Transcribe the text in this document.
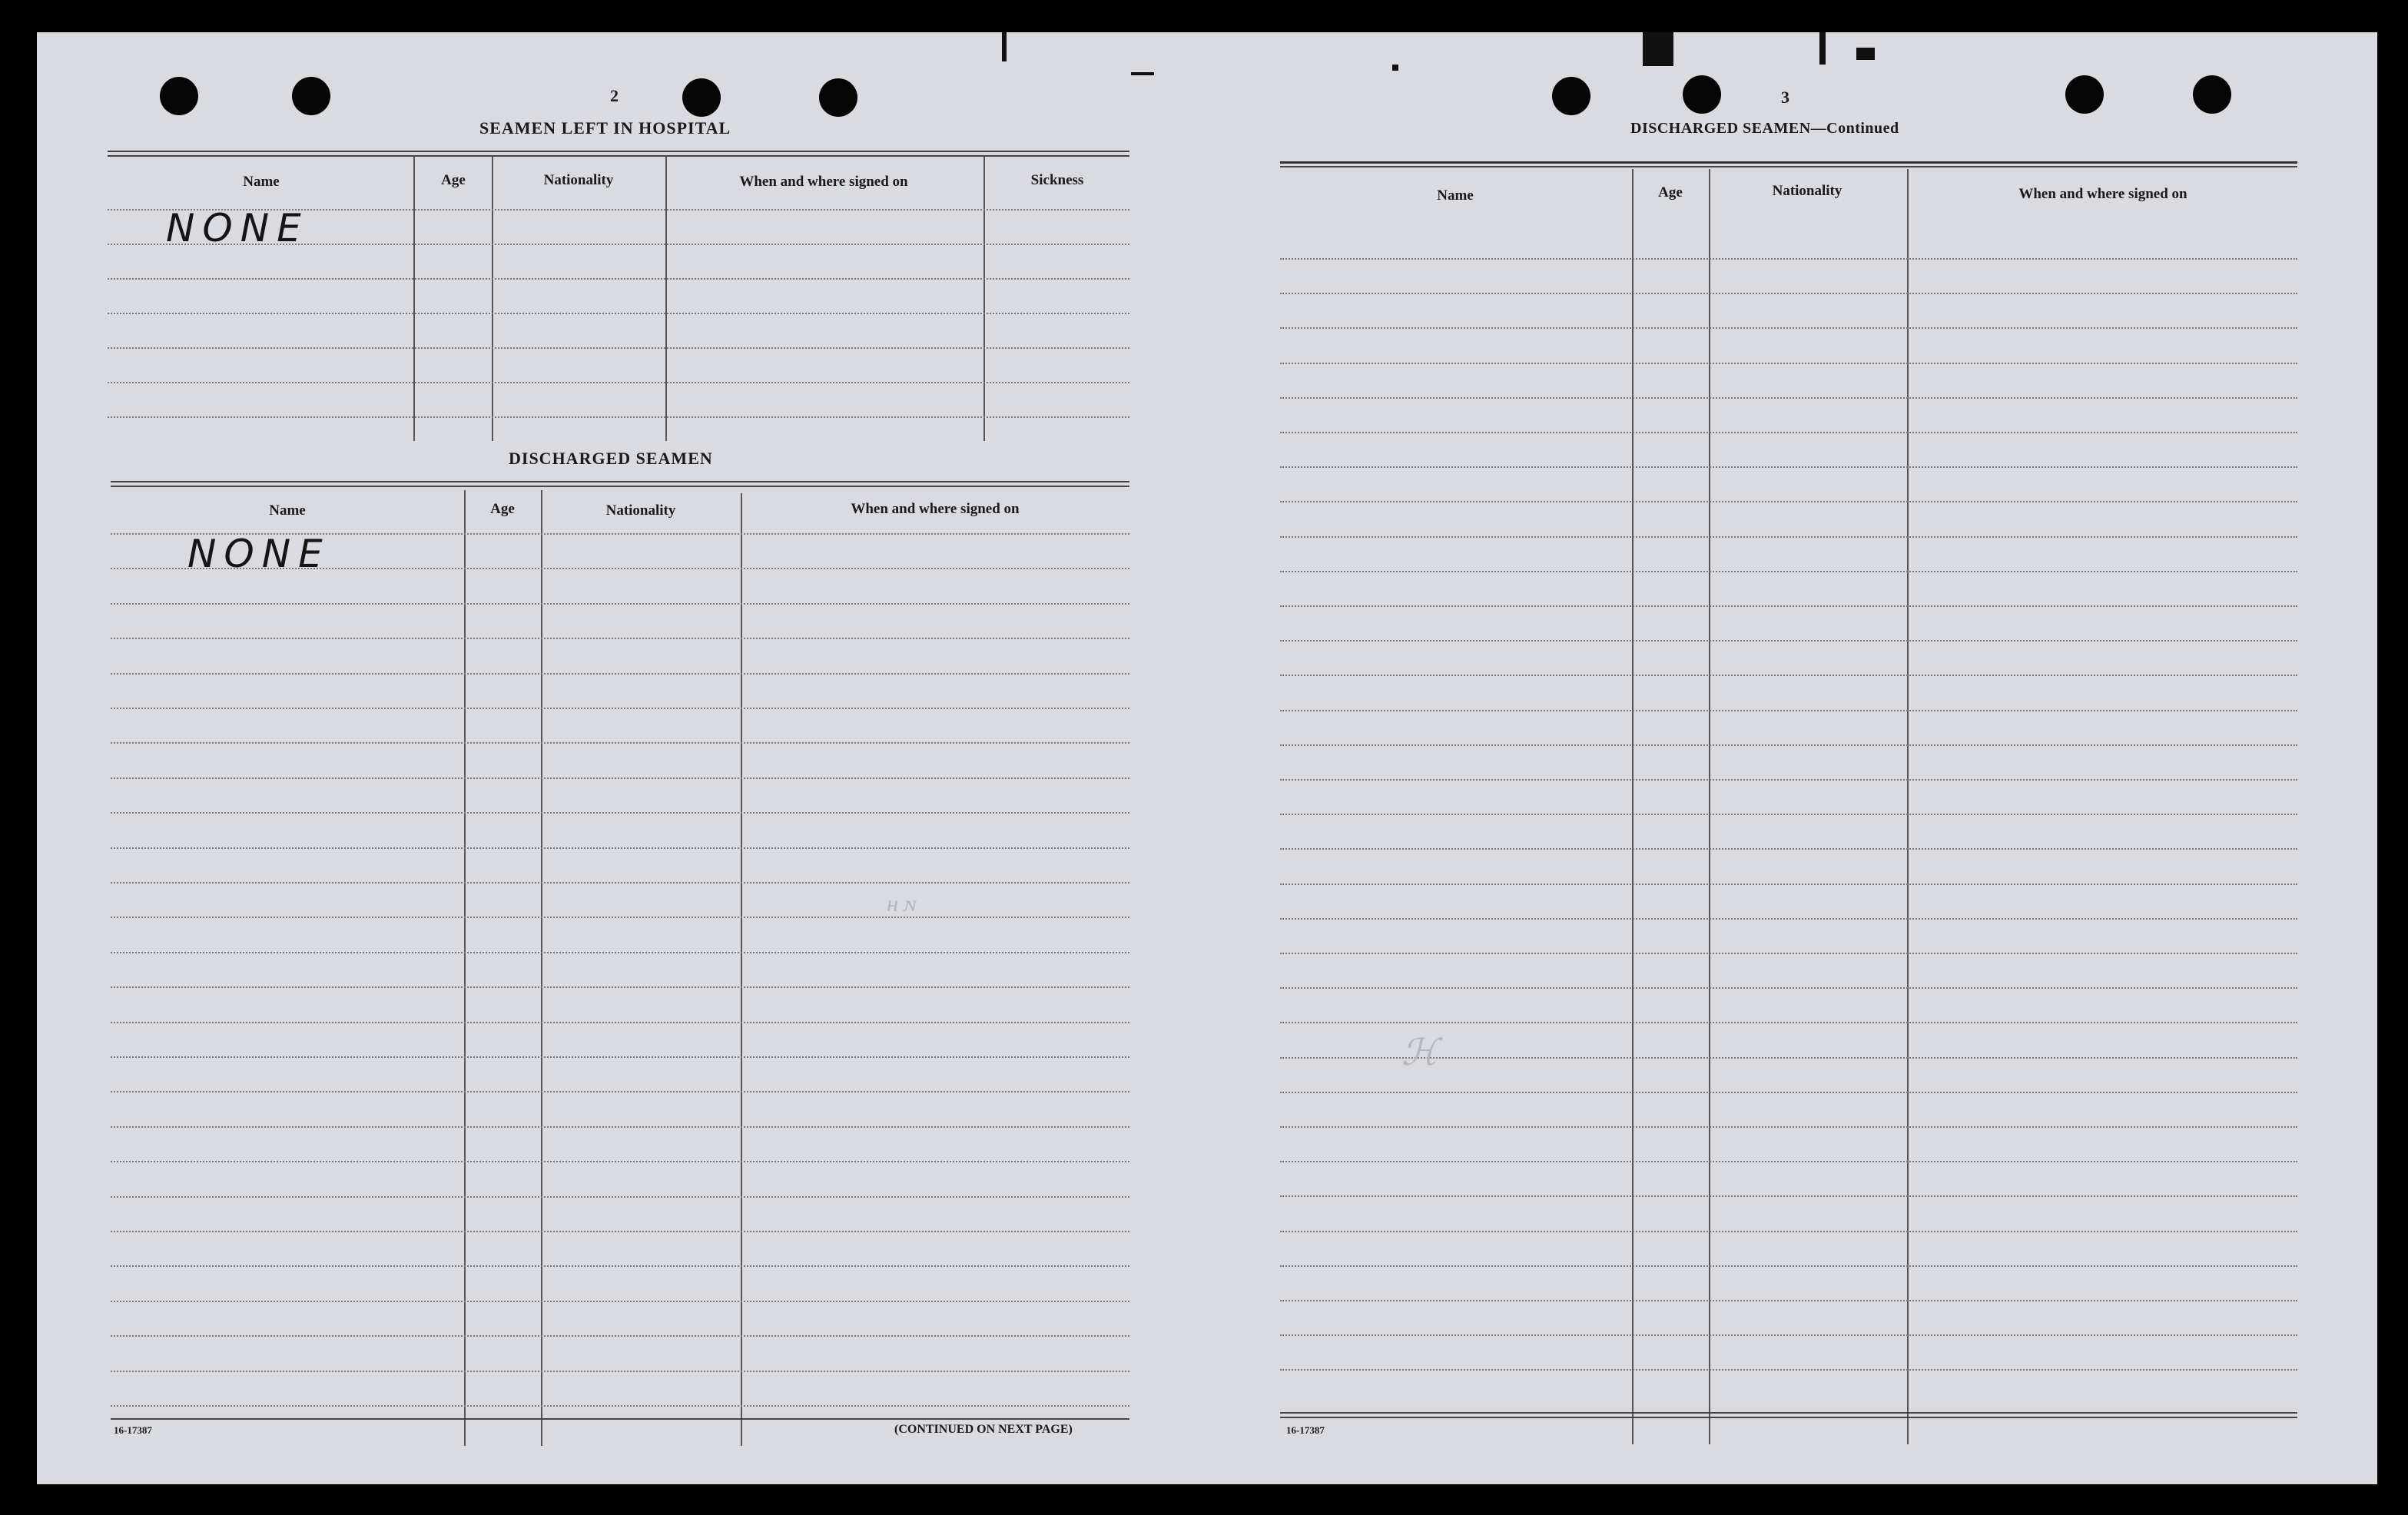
2
SEAMEN LEFT IN HOSPITAL
Name	Age	Nationality	When and where signed on	Sickness
NONE
DISCHARGED SEAMEN
Name	Age	Nationality	When and where signed on
NONE
ʜɴ
16-17387	(CONTINUED ON NEXT PAGE)
3
DISCHARGED SEAMEN—Continued
Name	Age	Nationality	When and where signed on
ℋ
16-17387
